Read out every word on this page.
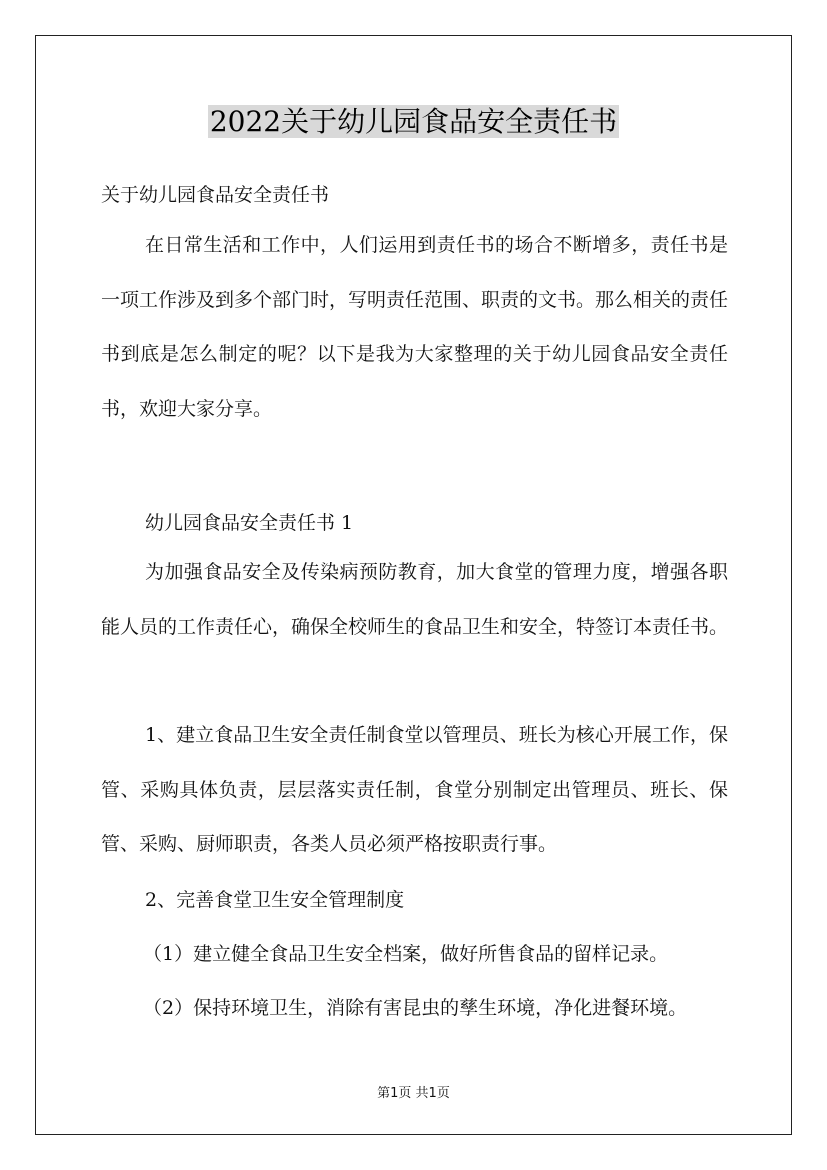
2022关于幼儿园食品安全责任书

关于幼儿园食品安全责任书

在日常生活和工作中，人们运用到责任书的场合不断增多，责任书是一项工作涉及到多个部门时，写明责任范围、职责的文书。那么相关的责任书到底是怎么制定的呢？以下是我为大家整理的关于幼儿园食品安全责任书，欢迎大家分享。

幼儿园食品安全责任书 1

为加强食品安全及传染病预防教育，加大食堂的管理力度，增强各职能人员的工作责任心，确保全校师生的食品卫生和安全，特签订本责任书。

1、建立食品卫生安全责任制食堂以管理员、班长为核心开展工作，保管、采购具体负责，层层落实责任制，食堂分别制定出管理员、班长、保管、采购、厨师职责，各类人员必须严格按职责行事。

2、完善食堂卫生安全管理制度

（1）建立健全食品卫生安全档案，做好所售食品的留样记录。

（2）保持环境卫生，消除有害昆虫的孳生环境，净化进餐环境。

第1页 共1页
